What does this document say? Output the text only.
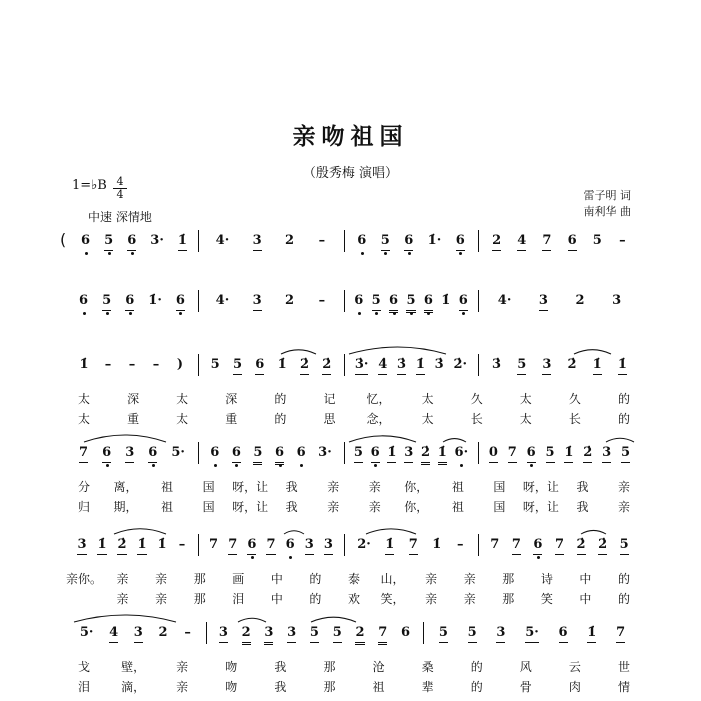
亲吻祖国
（殷秀梅 演唱）
1=♭B 4
4	雷子明 词
南利华 曲
中速 深情地
( 6 5 6 3· 1̇ 4· 3 2 – 6 5 6 1̇· 6 2 4 7 6 5 –
6 5 6 1̇· 6 4· 3 2 – 6 5 6 5 6 1̇ 6 4· 3 2 3
1̇ – – – ) 5 5 6 1̇ 2̇ 2̇ 3̇· 4̇ 3̇ 1̇ 3̇ 2̇· 3̇ 5 3 2̇ 1̇ 1̇
太	深	太	深	的	记	忆，	太	久	太	久	的
太	重	太	重	的	思	念，	太	长	太	长	的
7 6 3 6 5· 6 6 5 6 6 3· 5 6 1̇ 3 2̇ 1̇ 6· 0 7 6 5 1̇ 2̇ 3 5
分 离， 祖 国 呀，让 我 亲 亲 你， 祖 国 呀，让 我 亲
归 期， 祖 国 呀，让 我 亲 亲 你， 祖 国 呀，让 我 亲
3 1̇ 2̇ 1̇ 1̇ – 7 7 6 7 6 3 3 2· 1̇ 7 1̇ – 7 7 6 7 2̇ 2̇ 5
亲你。 亲 亲 那 画 中 的 泰 山， 亲 亲 那 诗 中 的
亲 亲 那 泪 中 的 欢 笑， 亲 亲 那 笑 中 的
5· 4 3 2 – 3 2 3 3 5 5 2 7 6 5 5 3 5· 6 1̇ 7
戈	壁，	亲	吻	我	那	沧	桑	的	风	云	世
泪	滴，	亲	吻	我	那	祖	辈	的	骨	肉	情
